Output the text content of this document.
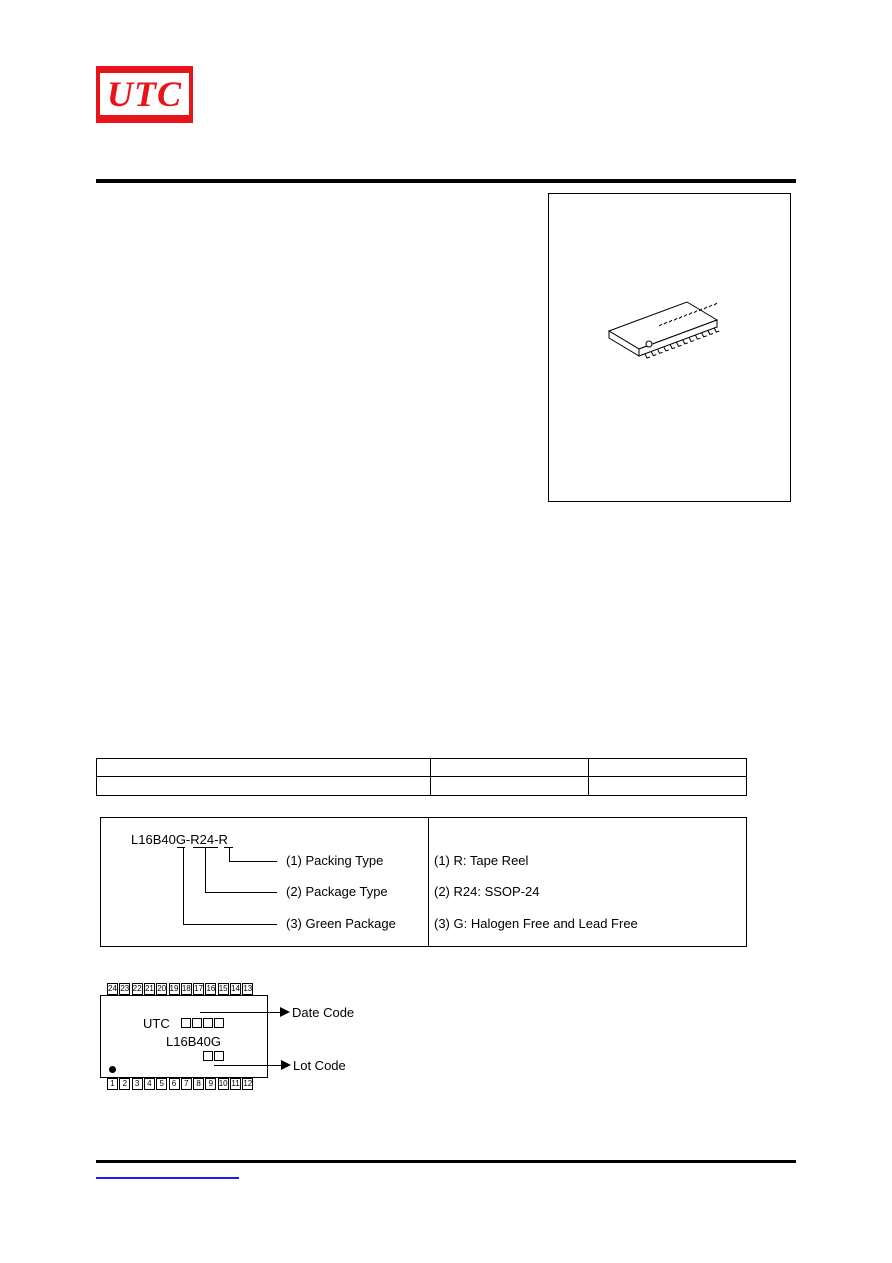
UTC
L16B40G-R24-R
(1) Packing Type
(2) Package Type
(3) Green Package
(1) R: Tape Reel
(2) R24: SSOP-24
(3) G: Halogen Free and Lead Free
UTC
L16B40G
Date Code
Lot Code
24 23 22 21 20 19 18 17 16 15 14 13
1 2 3 4 5 6 7 8 9 10 11 12
